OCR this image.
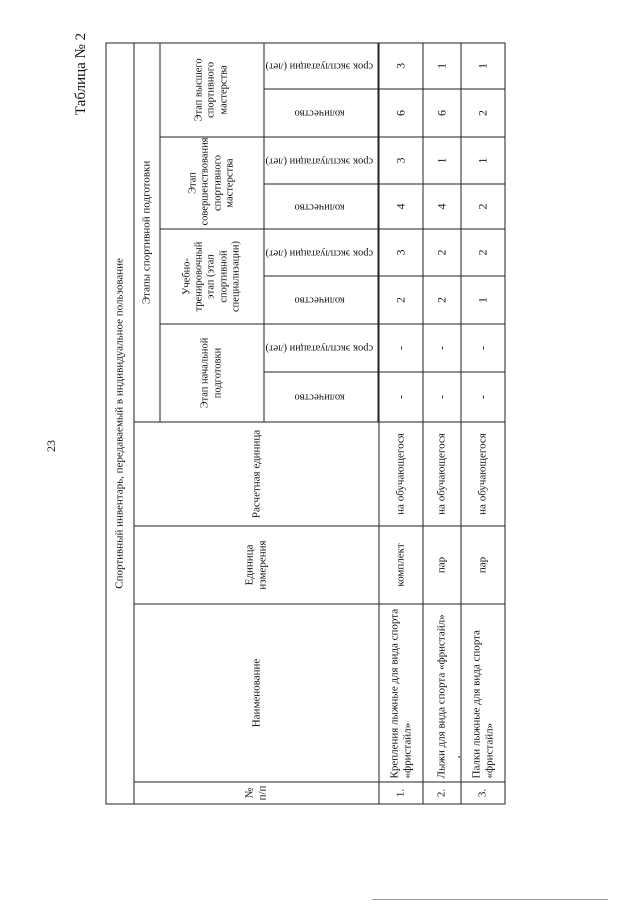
23
Таблица № 2
Спортивный инвентарь, передаваемый в индивидуальное пользование											
№ п/п	Наименование	Единица измерения	Расчетная единица	Этапы спортивной подготовки							
				Этап начальной подготовки		Учебно-тренировочный этап (этап спортивной специализации)		Этап совершенствования спортивного мастерства		Этап высшего спортивного мастерства	
				количество	срок эксплуатации (лет)	количество	срок эксплуатации (лет)	количество	срок эксплуатации (лет)	количество	срок эксплуатации (лет)

1.	Крепления лыжные для вида спорта «фристайл»	комплект	на обучающегося	-	-	2	3	4	3	6	3
2.	Лыжи для вида спорта «фристайл»	пар	на обучающегося	-	-	2	2	4	1	6	1
3.	Палки лыжные для вида спорта «фристайл»	пар	на обучающегося	-	-	1	2	2	1	2	1
